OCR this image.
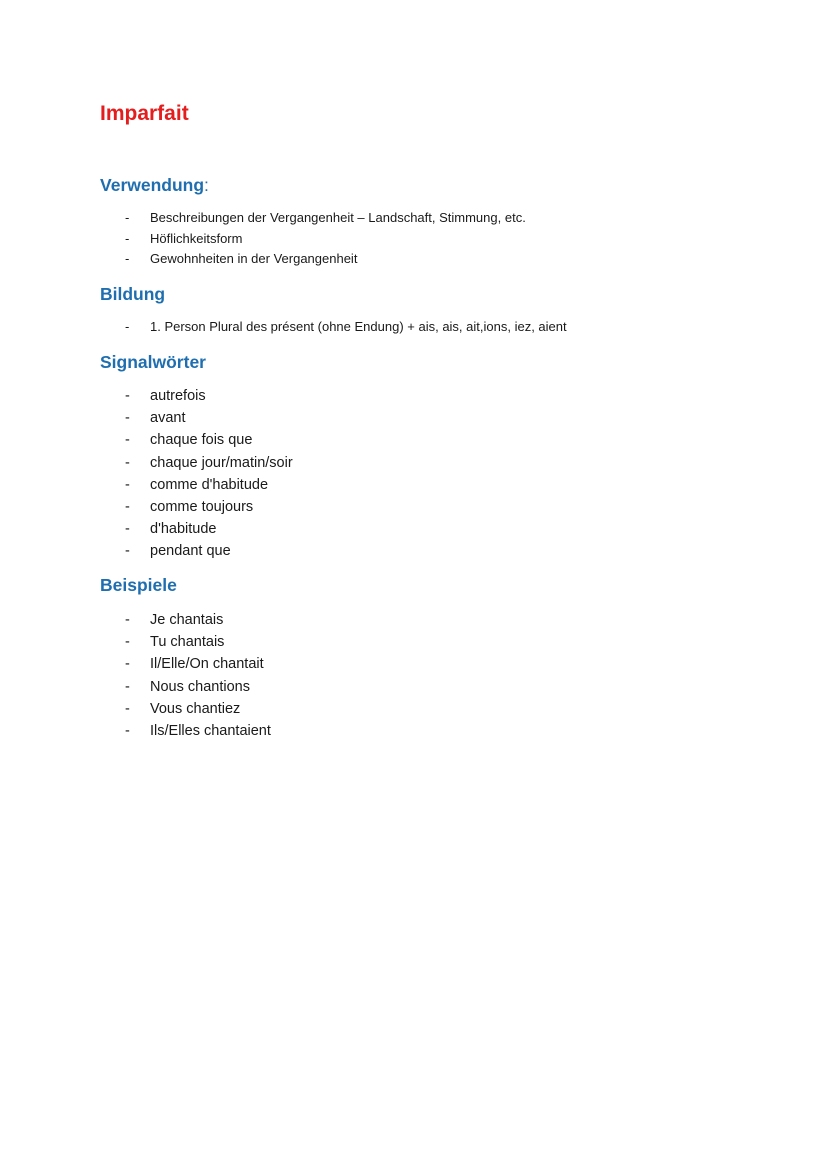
Imparfait
Verwendung:
- Beschreibungen der Vergangenheit – Landschaft, Stimmung, etc.
- Höflichkeitsform
- Gewohnheiten in der Vergangenheit
Bildung
- 1. Person Plural des présent (ohne Endung) + ais, ais, ait,ions, iez, aient
Signalwörter
- autrefois
- avant
- chaque fois que
- chaque jour/matin/soir
- comme d'habitude
- comme toujours
- d'habitude
- pendant que
Beispiele
- Je chantais
- Tu chantais
- Il/Elle/On chantait
- Nous chantions
- Vous chantiez
- Ils/Elles chantaient
